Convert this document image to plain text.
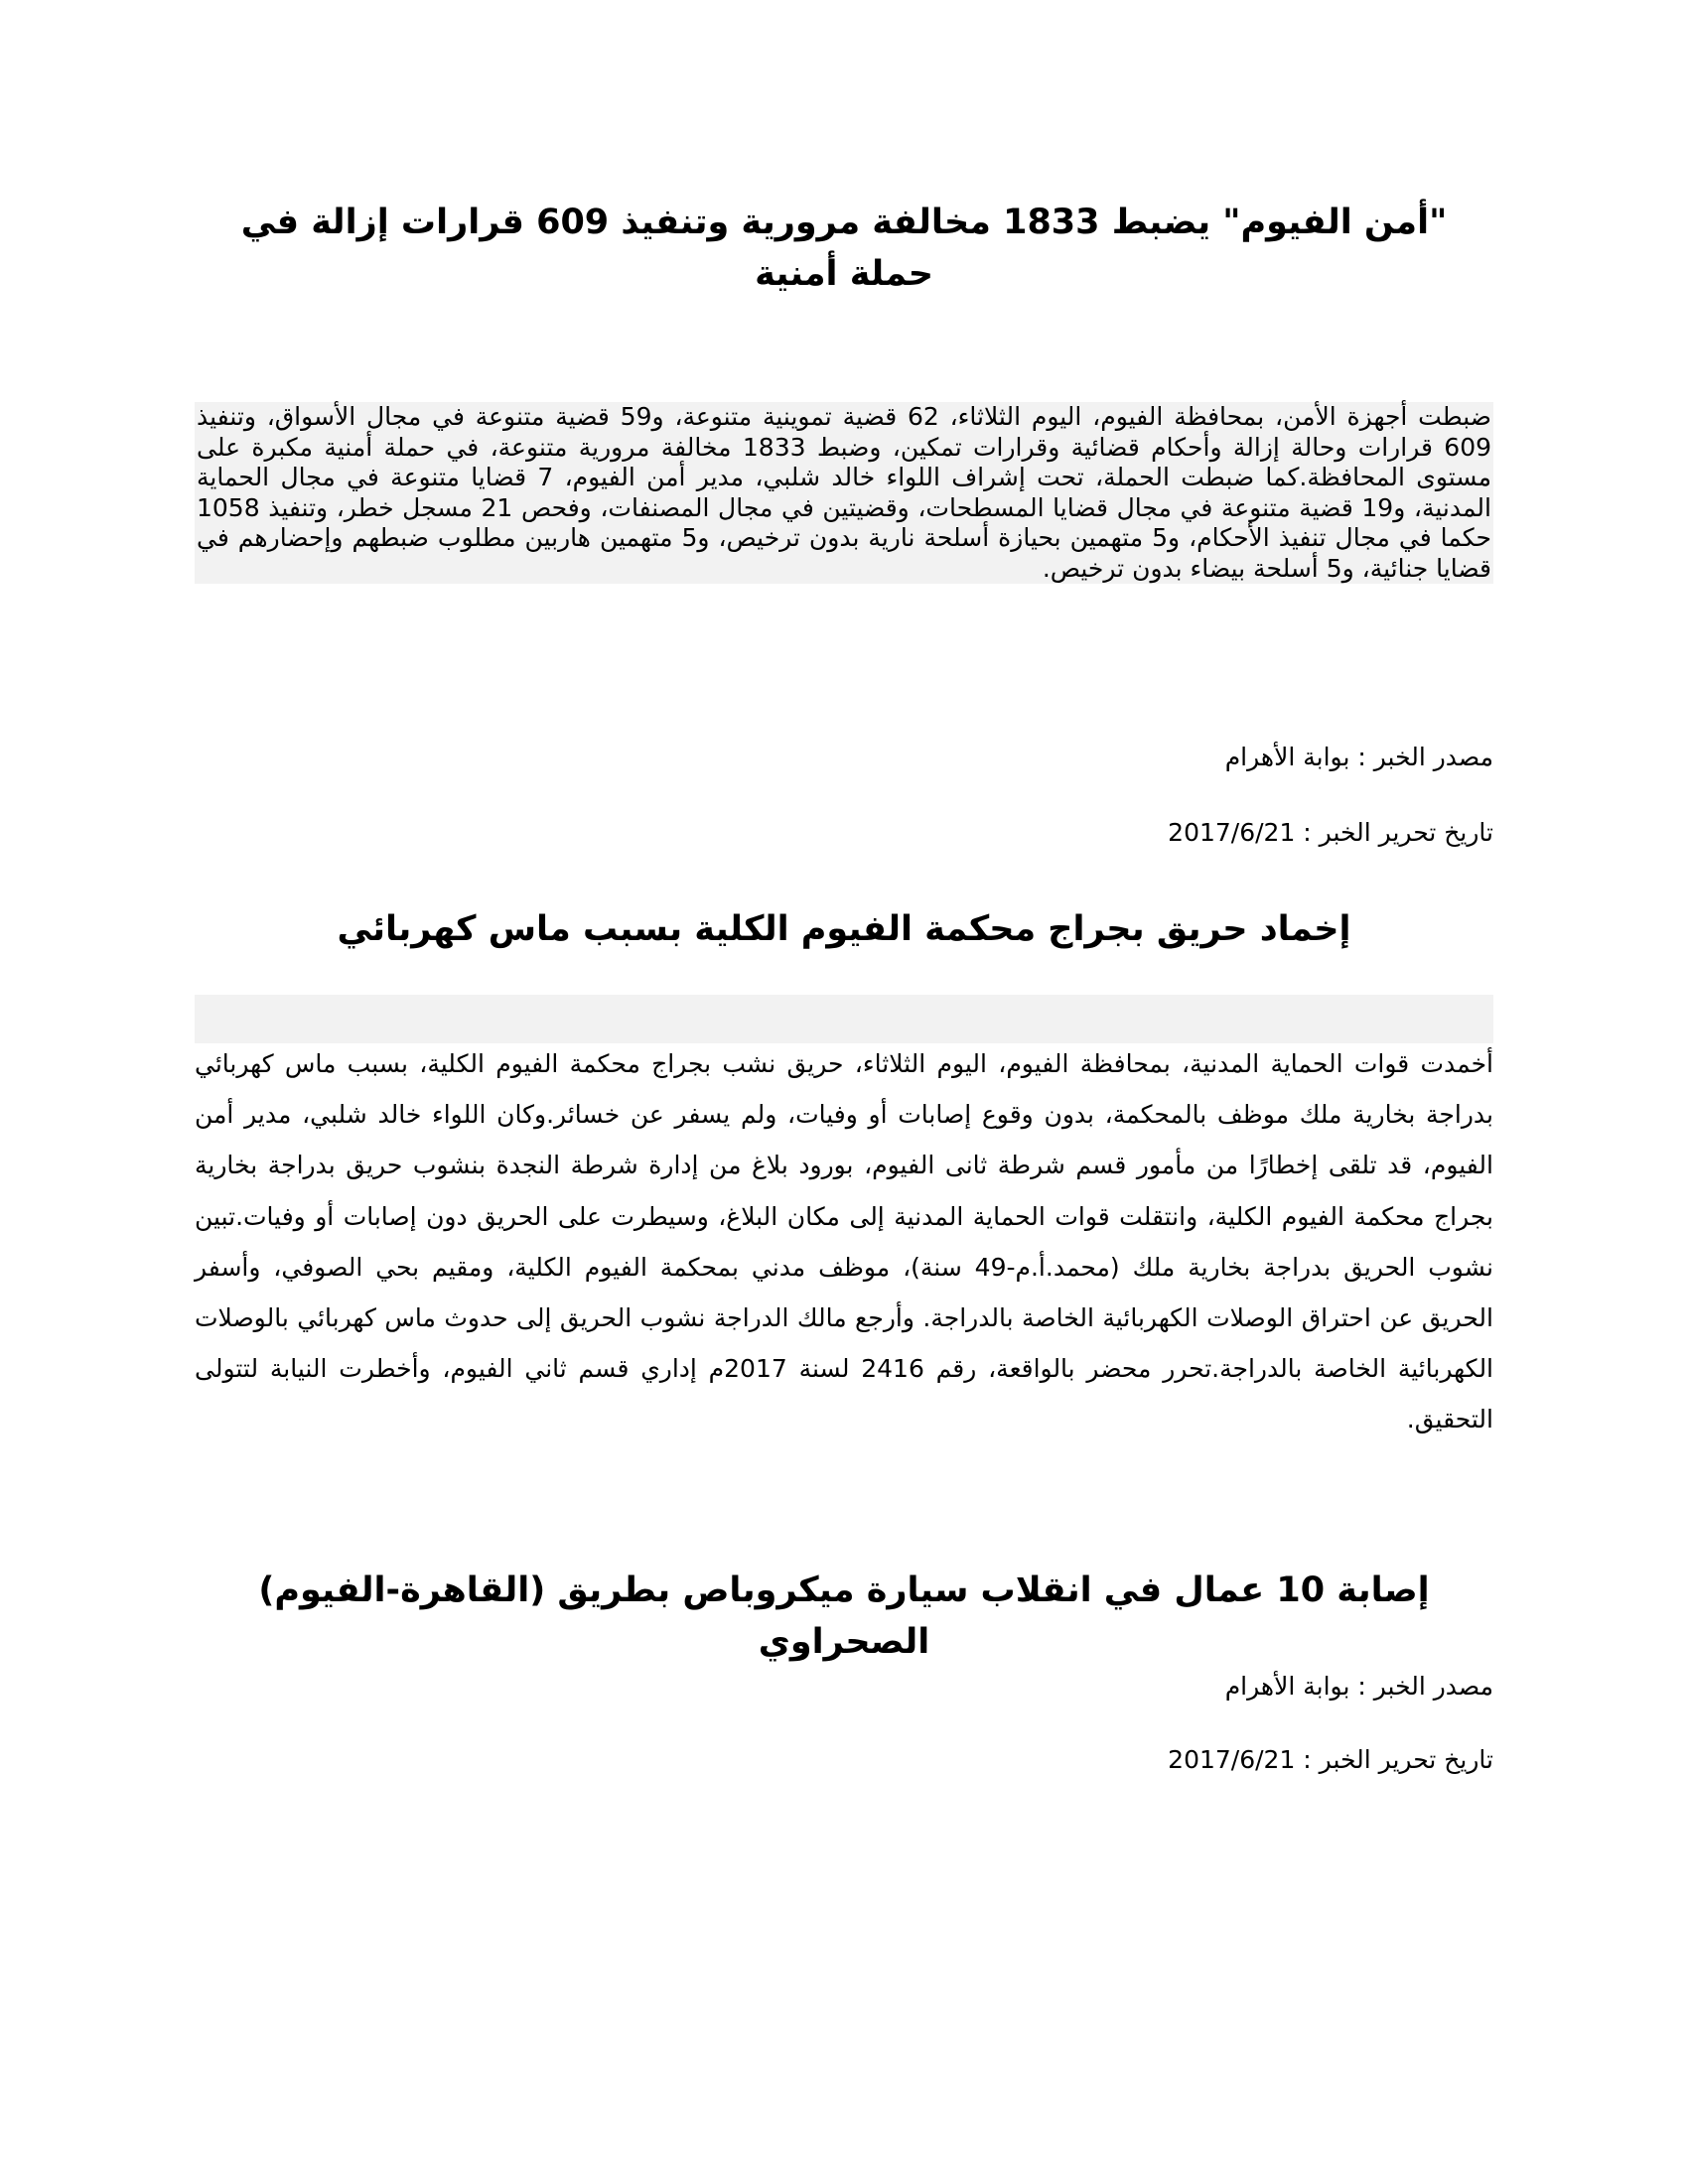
"أمن الفيوم" يضبط 1833 مخالفة مرورية وتنفيذ 609 قرارات إزالة في حملة أمنية
ضبطت أجهزة الأمن، بمحافظة الفيوم، اليوم الثلاثاء، 62 قضية تموينية متنوعة، و59 قضية متنوعة في مجال الأسواق، وتنفيذ 609 قرارات وحالة إزالة وأحكام قضائية وقرارات تمكين، وضبط 1833 مخالفة مرورية متنوعة، في حملة أمنية مكبرة على مستوى المحافظة.كما ضبطت الحملة، تحت إشراف اللواء خالد شلبي، مدير أمن الفيوم، 7 قضايا متنوعة في مجال الحماية المدنية، و19 قضية متنوعة في مجال قضايا المسطحات، وقضيتين في مجال المصنفات، وفحص 21 مسجل خطر، وتنفيذ 1058 حكما في مجال تنفيذ الأحكام، و5 متهمين بحيازة أسلحة نارية بدون ترخيص، و5 متهمين هاربين مطلوب ضبطهم وإحضارهم في قضايا جنائية، و5 أسلحة بيضاء بدون ترخيص.

مصدر الخبر : بوابة الأهرام

تاريخ تحرير الخبر : 2017/6/21

إخماد حريق بجراج محكمة الفيوم الكلية بسبب ماس كهربائي

أخمدت قوات الحماية المدنية، بمحافظة الفيوم، اليوم الثلاثاء، حريق نشب بجراج محكمة الفيوم الكلية، بسبب ماس كهربائي بدراجة بخارية ملك موظف بالمحكمة، بدون وقوع إصابات أو وفيات، ولم يسفر عن خسائر.وكان اللواء خالد شلبي، مدير أمن الفيوم، قد تلقى إخطارًا من مأمور قسم شرطة ثانى الفيوم، بورود بلاغ من إدارة شرطة النجدة بنشوب حريق بدراجة بخارية بجراج محكمة الفيوم الكلية، وانتقلت قوات الحماية المدنية إلى مكان البلاغ، وسيطرت على الحريق دون إصابات أو وفيات.تبين نشوب الحريق بدراجة بخارية ملك (محمد.أ.م-49 سنة)، موظف مدني بمحكمة الفيوم الكلية، ومقيم بحي الصوفي، وأسفر الحريق عن احتراق الوصلات الكهربائية الخاصة بالدراجة. وأرجع مالك الدراجة نشوب الحريق إلى حدوث ماس كهربائي بالوصلات الكهربائية الخاصة بالدراجة.تحرر محضر بالواقعة، رقم 2416 لسنة 2017م إداري قسم ثاني الفيوم، وأخطرت النيابة لتتولى التحقيق.

مصدر الخبر : بوابة الأهرام

تاريخ تحرير الخبر : 2017/6/21

إصابة 10 عمال في انقلاب سيارة ميكروباص بطريق (القاهرة-الفيوم) الصحراوي
